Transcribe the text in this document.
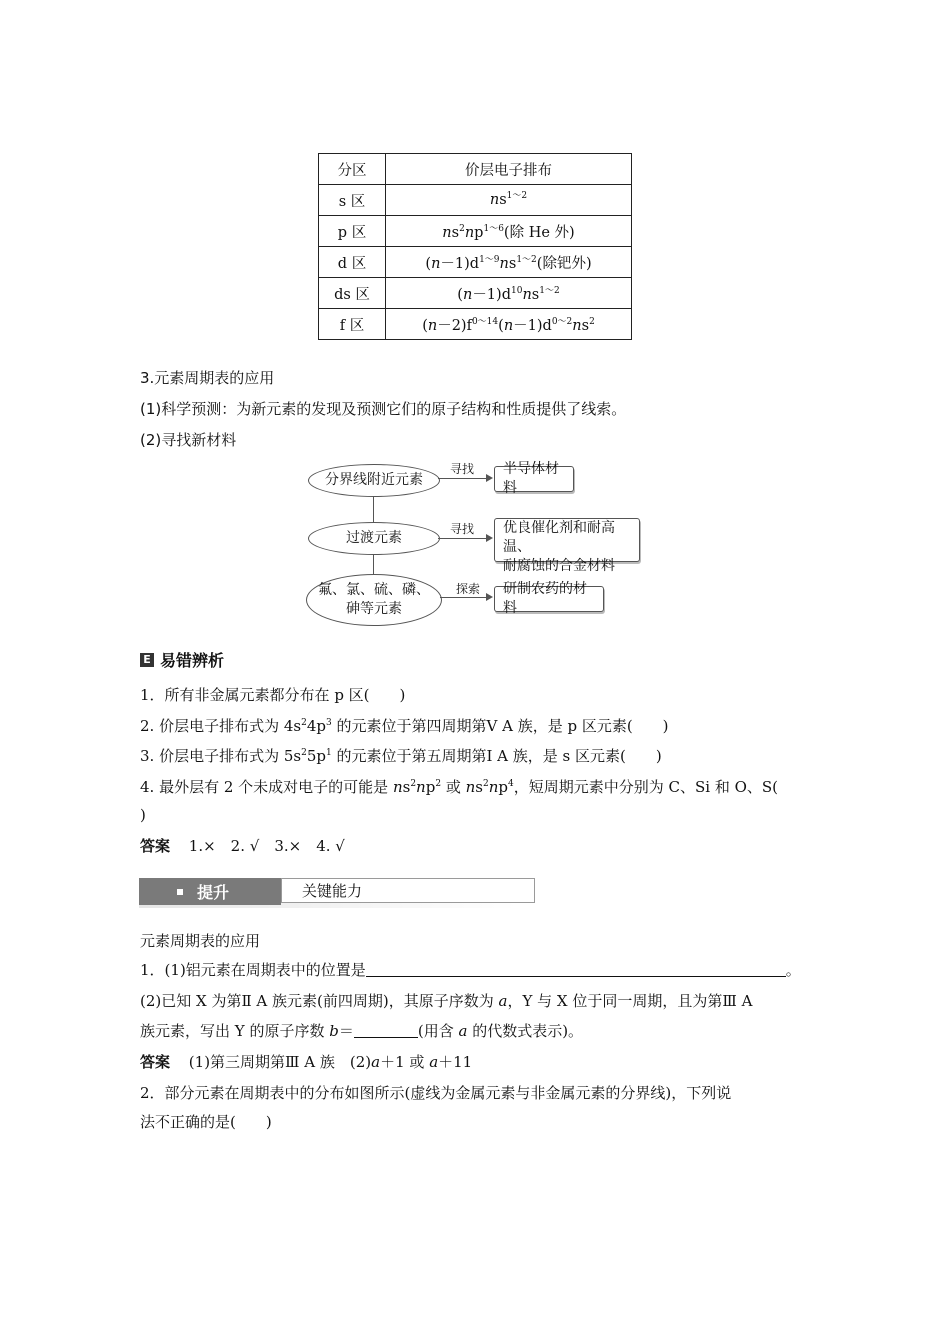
分区	价层电子排布
s 区	$ns^{1\sim 2}$
p 区	$ns^2np^{1\sim 6}$(除 He 外)
d 区	$(n-1)d^{1\sim 9}ns^{1\sim 2}$(除钯外)
ds 区	$(n-1)d^{10}ns^{1\sim 2}$
f 区	$(n-2)f^{0\sim 14}(n-1)d^{0\sim 2}ns^2$
3.元素周期表的应用
(1)科学预测：为新元素的发现及预测它们的原子结构和性质提供了线索。
(2)寻找新材料
分界线附近元素
过渡元素
氟、氯、硫、磷、
砷等元素
寻找
寻找
探索
半导体材料
优良催化剂和耐高温、
耐腐蚀的合金材料
研制农药的材料
E 易错辨析
1．所有非金属元素都分布在 p 区(　　)
2. 价层电子排布式为 $4s^24p^3$ 的元素位于第四周期第Ⅴ A 族，是 p 区元素(　　)
3. 价层电子排布式为 $5s^25p^1$ 的元素位于第五周期第Ⅰ A 族，是 s 区元素(　　)
4. 最外层有 2 个未成对电子的可能是 $ns^2np^2$ 或 $ns^2np^4$，短周期元素中分别为 C、Si 和 O、S(
)
答案 1.×　2. √　3.×　4. √
提升	关键能力
元素周期表的应用
1．(1)铝元素在周期表中的位置是	。
(2)已知 X 为第Ⅱ A 族元素(前四周期)，其原子序数为 a，Y 与 X 位于同一周期，且为第Ⅲ A
族元素，写出 Y 的原子序数 b＝	(用含 a 的代数式表示)。
答案 (1)第三周期第Ⅲ A 族　(2)a＋1 或 a＋11
2．部分元素在周期表中的分布如图所示(虚线为金属元素与非金属元素的分界线)，下列说
法不正确的是(　　)
